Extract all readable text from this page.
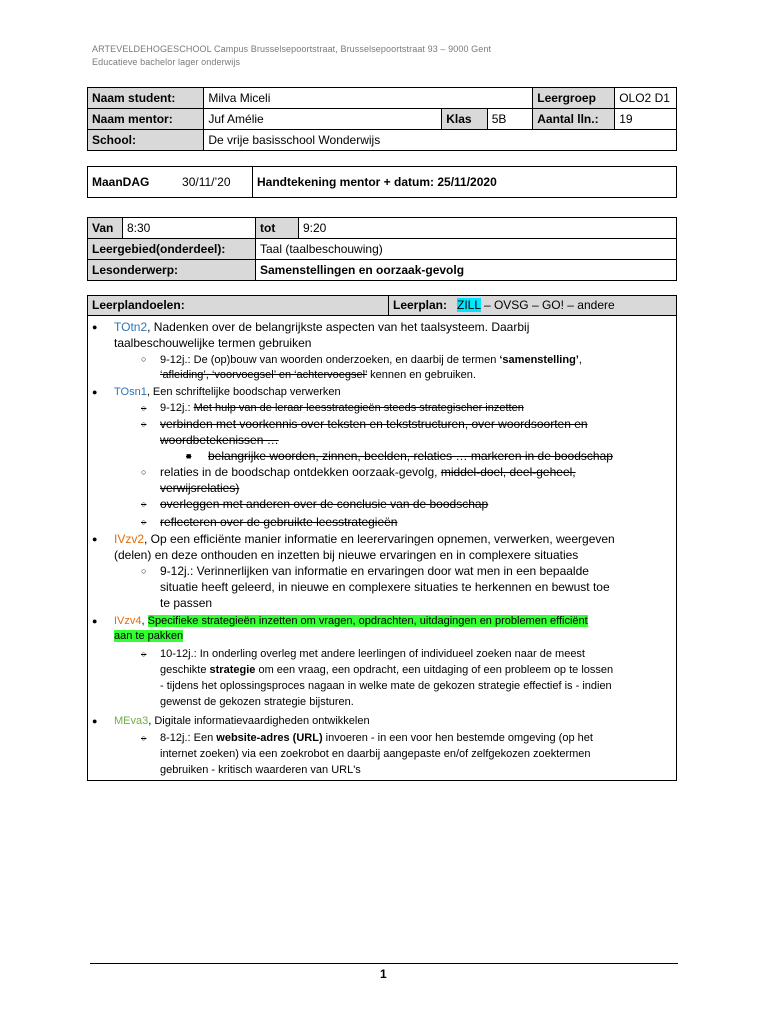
ARTEVELDEHOGESCHOOL Campus Brusselsepoortstraat, Brusselsepoortstraat 93 – 9000 Gent
Educatieve bachelor lager onderwijs
Naam student:	Milva Miceli			Leergroep	OLO2 D1
Naam mentor:	Juf Amélie	Klas	5B	Aantal lln.:	19
School:	De vrije basisschool Wonderwijs				
MaanDAG	30/11/’20	Handtekening mentor + datum: 25/11/2020
Van	8:30	tot	9:20
Leergebied(onderdeel):		Taal (taalbeschouwing)	
Lesonderwerp:		Samenstellingen en oorzaak-gevolg	
Leerplandoelen:	Leerplan: ZILL – OVSG – GO! – andere
● TOtn2, Nadenken over de belangrijkste aspecten van het taalsysteem. Daarbij
taalbeschouwelijke termen gebruiken
○ 9-12j.: De (op)bouw van woorden onderzoeken, en daarbij de termen ‘samenstelling’,
‘afleiding’, ‘voorvoegsel’ en ‘achtervoegsel’ kennen en gebruiken.
● TOsn1, Een schriftelijke boodschap verwerken
○ 9-12j.: Met hulp van de leraar leesstrategieën steeds strategischer inzetten
○ verbinden met voorkennis over teksten en tekststructuren, over woordsoorten en
woordbetekenissen …
■ belangrijke woorden, zinnen, beelden, relaties … markeren in de boodschap
○ relaties in de boodschap ontdekken oorzaak-gevolg, middel-doel, deel-geheel,
verwijsrelaties)
○ overleggen met anderen over de conclusie van de boodschap
○ reflecteren over de gebruikte leesstrategieën
● IVzv2, Op een efficiënte manier informatie en leerervaringen opnemen, verwerken, weergeven
(delen) en deze onthouden en inzetten bij nieuwe ervaringen en in complexere situaties
○ 9-12j.: Verinnerlijken van informatie en ervaringen door wat men in een bepaalde
situatie heeft geleerd, in nieuwe en complexere situaties te herkennen en bewust toe
te passen
● IVzv4, Specifieke strategieën inzetten om vragen, opdrachten, uitdagingen en problemen efficiënt
aan te pakken
○ 10-12j.: In onderling overleg met andere leerlingen of individueel zoeken naar de meest
geschikte strategie om een vraag, een opdracht, een uitdaging of een probleem op te lossen
- tijdens het oplossingsproces nagaan in welke mate de gekozen strategie effectief is - indien
gewenst de gekozen strategie bijsturen.
● MEva3, Digitale informatievaardigheden ontwikkelen
○ 8-12j.: Een website-adres (URL) invoeren - in een voor hen bestemde omgeving (op het
internet zoeken) via een zoekrobot en daarbij aangepaste en/of zelfgekozen zoektermen
gebruiken - kritisch waarderen van URL's
1
